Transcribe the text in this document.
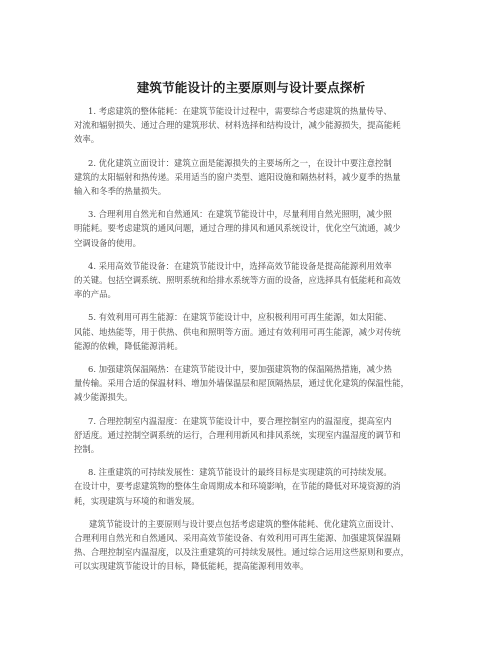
建筑节能设计的主要原则与设计要点探析

1. 考虑建筑的整体能耗：在建筑节能设计过程中，需要综合考虑建筑的热量传导、
对流和辐射损失、通过合理的建筑形状、材料选择和结构设计，减少能源损失，提高能耗
效率。

2. 优化建筑立面设计：建筑立面是能源损失的主要场所之一，在设计中要注意控制
建筑的太阳辐射和热传递。采用适当的窗户类型、遮阳设施和隔热材料，减少夏季的热量
输入和冬季的热量损失。

3. 合理利用自然光和自然通风：在建筑节能设计中，尽量利用自然光照明，减少照
明能耗。要考虑建筑的通风问题，通过合理的排风和通风系统设计，优化空气流通，减少
空调设备的使用。

4. 采用高效节能设备：在建筑节能设计中，选择高效节能设备是提高能源利用效率
的关键。包括空调系统、照明系统和给排水系统等方面的设备，应选择具有低能耗和高效
率的产品。

5. 有效利用可再生能源：在建筑节能设计中，应积极利用可再生能源，如太阳能、
风能、地热能等，用于供热、供电和照明等方面。通过有效利用可再生能源，减少对传统
能源的依赖，降低能源消耗。

6. 加强建筑保温隔热：在建筑节能设计中，要加强建筑物的保温隔热措施，减少热
量传输。采用合适的保温材料、增加外墙保温层和屋顶隔热层，通过优化建筑的保温性能，
减少能源损失。

7. 合理控制室内温湿度：在建筑节能设计中，要合理控制室内的温湿度，提高室内
舒适度。通过控制空调系统的运行，合理利用新风和排风系统，实现室内温湿度的调节和
控制。

8. 注重建筑的可持续发展性：建筑节能设计的最终目标是实现建筑的可持续发展。
在设计中，要考虑建筑物的整体生命周期成本和环境影响，在节能的降低对环境资源的消
耗，实现建筑与环境的和谐发展。

建筑节能设计的主要原则与设计要点包括考虑建筑的整体能耗、优化建筑立面设计、
合理利用自然光和自然通风、采用高效节能设备、有效利用可再生能源、加强建筑保温隔
热、合理控制室内温湿度，以及注重建筑的可持续发展性。通过综合运用这些原则和要点，
可以实现建筑节能设计的目标，降低能耗，提高能源利用效率。
